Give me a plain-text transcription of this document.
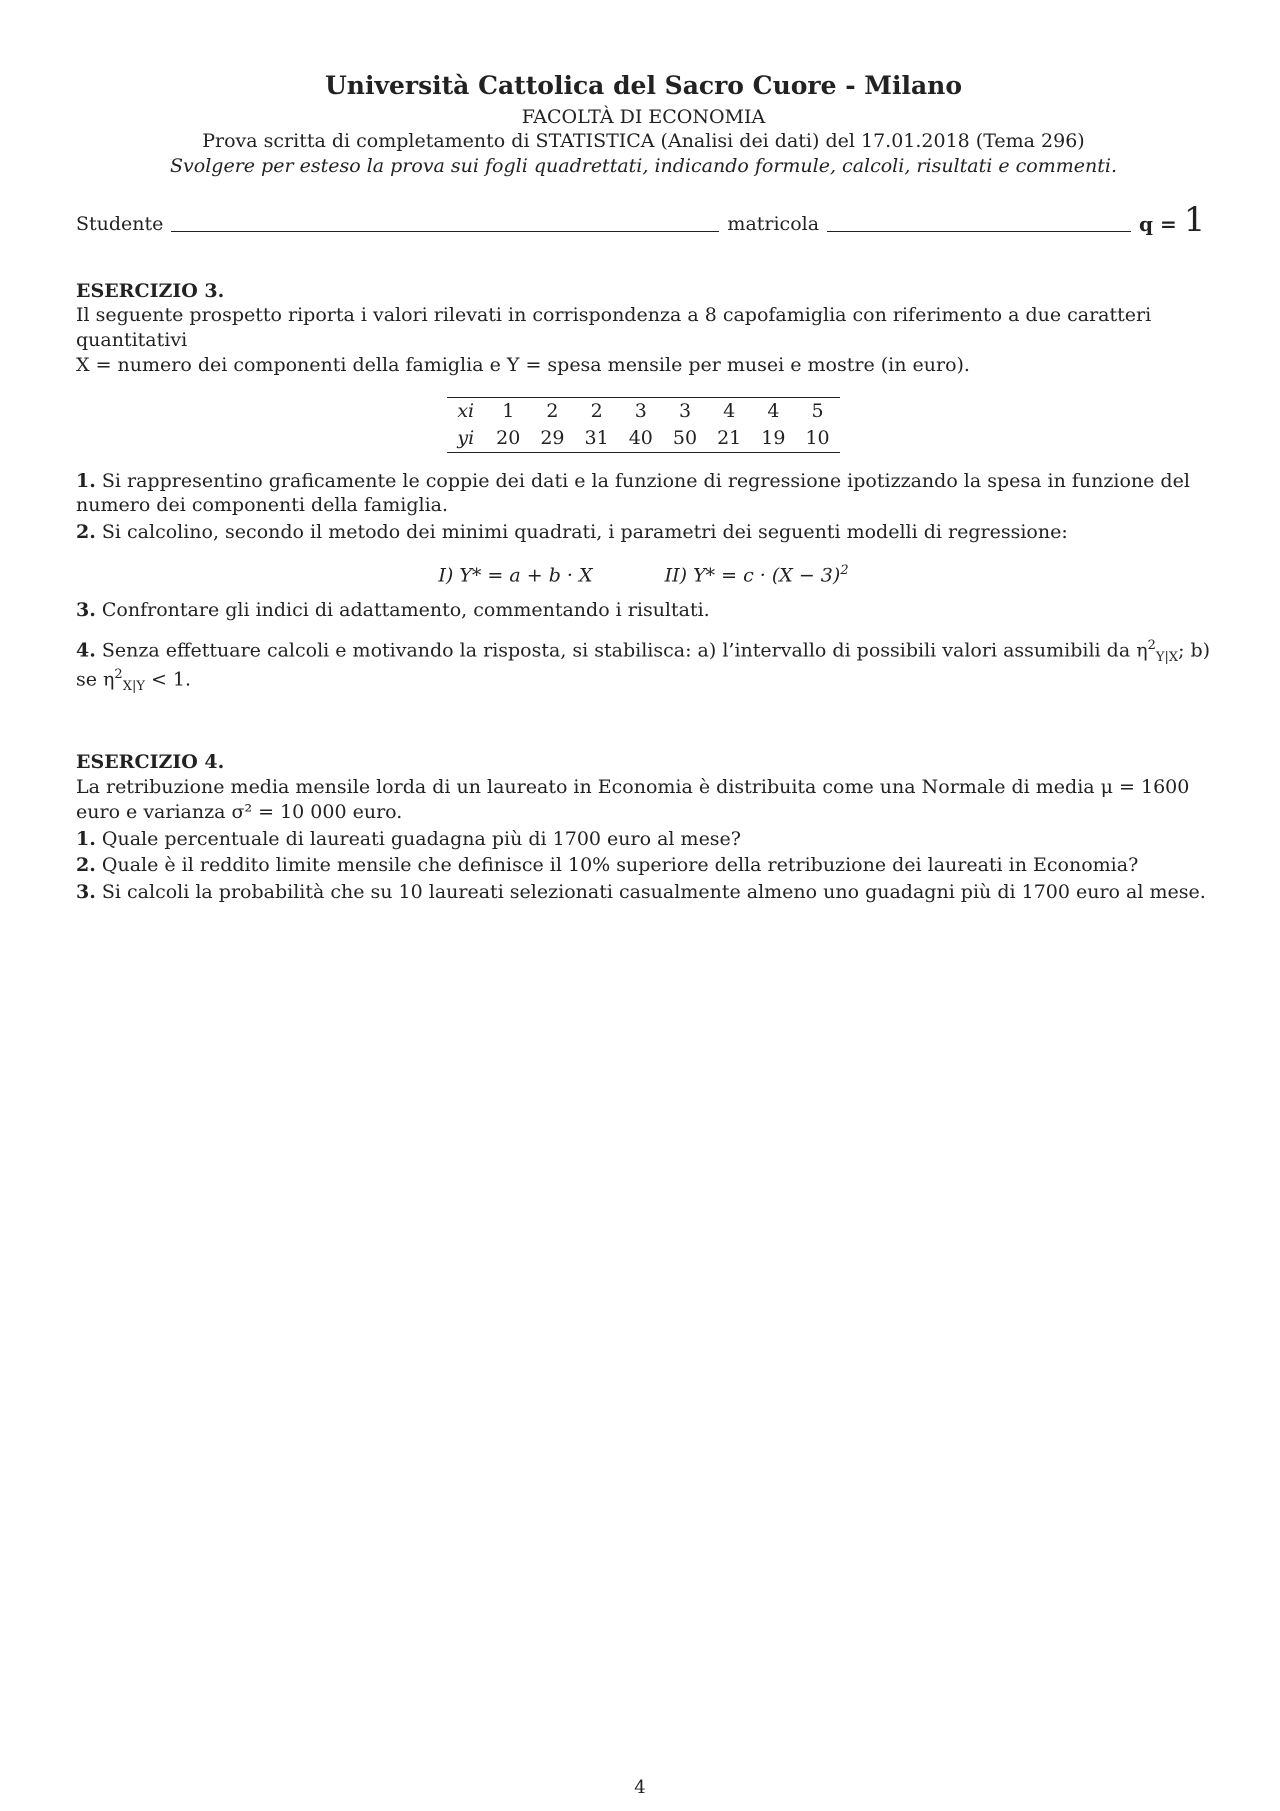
Università Cattolica del Sacro Cuore - Milano
FACOLTÀ DI ECONOMIA
Prova scritta di completamento di STATISTICA (Analisi dei dati) del 17.01.2018 (Tema 296)
Svolgere per esteso la prova sui fogli quadrettati, indicando formule, calcoli, risultati e commenti.
Studente	matricola	q = 1
ESERCIZIO 3.

Il seguente prospetto riporta i valori rilevati in corrispondenza a 8 capofamiglia con riferimento a due caratteri quantitativi

X = numero dei componenti della famiglia e Y = spesa mensile per musei e mostre (in euro).

xi	1	2	2	3	3	4	4	5
yi	20	29	31	40	50	21	19	10

1. Si rappresentino graficamente le coppie dei dati e la funzione di regressione ipotizzando la spesa in funzione del numero dei componenti della famiglia.

2. Si calcolino, secondo il metodo dei minimi quadrati, i parametri dei seguenti modelli di regressione:

I) Y* = a + b · X	II) $Y* = c \cdot (X - 3)^2$

3. Confrontare gli indici di adattamento, commentando i risultati.

4. Senza effettuare calcoli e motivando la risposta, si stabilisca: a) l’intervallo di possibili valori assumibili da $\eta^2_{Y|X}$; b) se $\eta^2_{X|Y} < 1$.

ESERCIZIO 4.

La retribuzione media mensile lorda di un laureato in Economia è distribuita come una Normale di media μ = 1600 euro e varianza σ² = 10 000 euro.

1. Quale percentuale di laureati guadagna più di 1700 euro al mese?

2. Quale è il reddito limite mensile che definisce il 10% superiore della retribuzione dei laureati in Economia?

3. Si calcoli la probabilità che su 10 laureati selezionati casualmente almeno uno guadagni più di 1700 euro al mese.

4
